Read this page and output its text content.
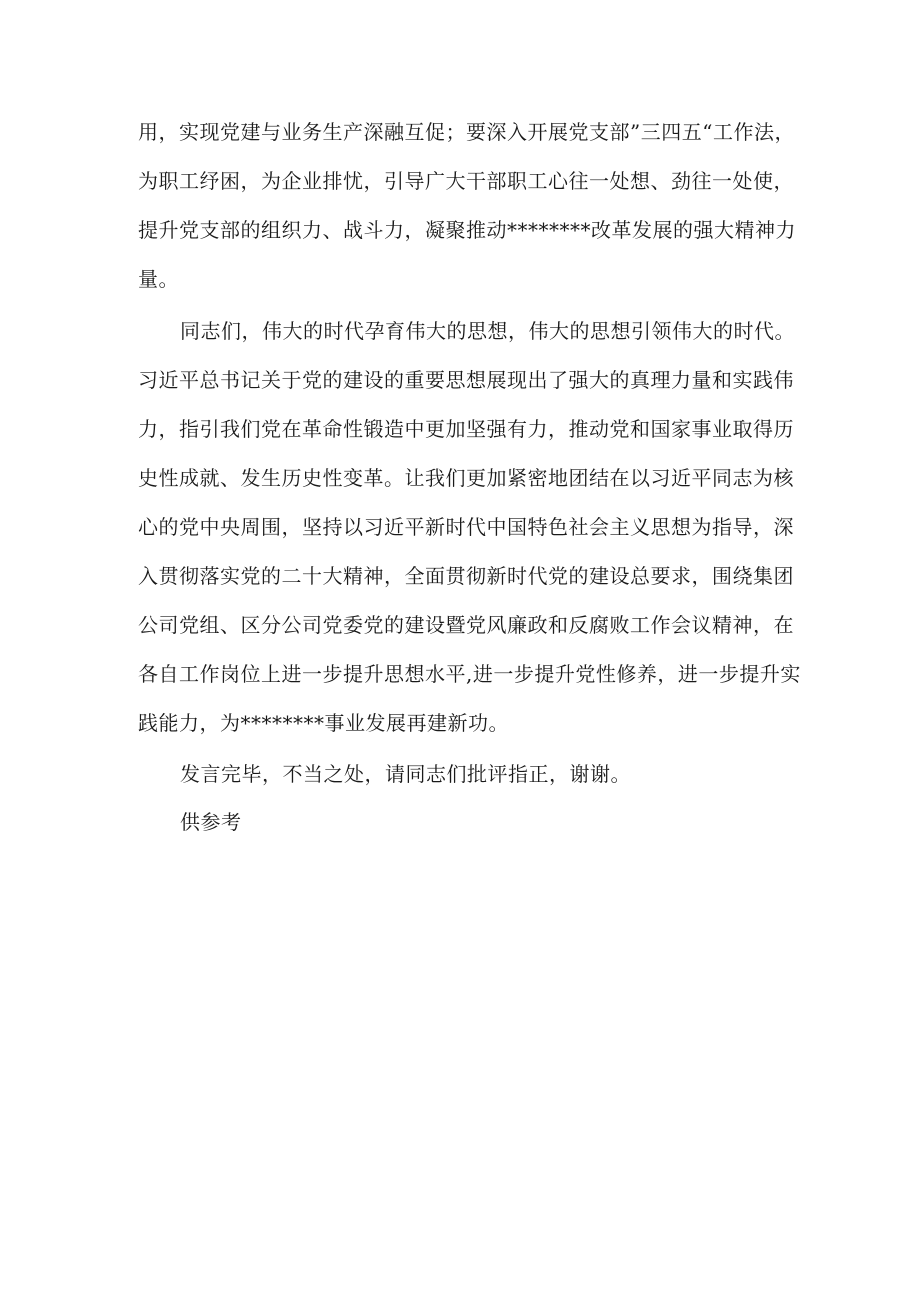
用，实现党建与业务生产深融互促；要深入开展党支部”三四五“工作法，
为职工纾困，为企业排忧，引导广大干部职工心往一处想、劲往一处使，
提升党支部的组织力、战斗力，凝聚推动********改革发展的强大精神力
量。
同志们，伟大的时代孕育伟大的思想，伟大的思想引领伟大的时代。
习近平总书记关于党的建设的重要思想展现出了强大的真理力量和实践伟
力，指引我们党在革命性锻造中更加坚强有力，推动党和国家事业取得历
史性成就、发生历史性变革。让我们更加紧密地团结在以习近平同志为核
心的党中央周围，坚持以习近平新时代中国特色社会主义思想为指导，深
入贯彻落实党的二十大精神，全面贯彻新时代党的建设总要求，围绕集团
公司党组、区分公司党委党的建设暨党风廉政和反腐败工作会议精神，在
各自工作岗位上进一步提升思想水平,进一步提升党性修养，进一步提升实
践能力，为********事业发展再建新功。
发言完毕，不当之处，请同志们批评指正，谢谢。
供参考
